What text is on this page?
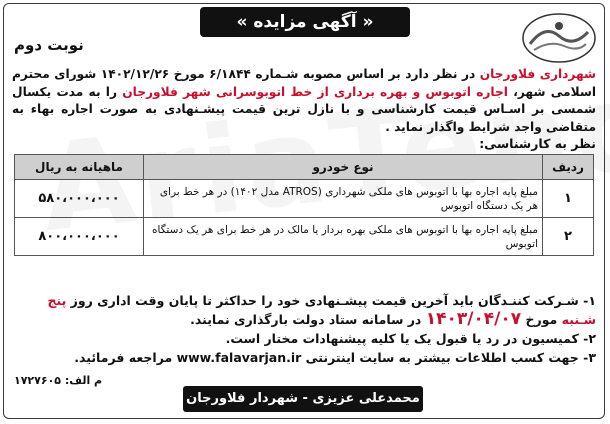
« آگهی مزایده »
نوبت دوم
شهرداری فلاورجان در نظر دارد بر اساس مصوبه شـماره ۶/۱۸۴۴ مورخ ۱۴۰۲/۱۲/۲۶ شورای محترم اسلامی شهر، اجاره اتوبوس و بهره برداری از خط اتوبوسرانی شهر فلاورجان را به مدت یکسال شمسی بر اسـاس قیمت کارشناسی و با نازل ترین قیمت پیشـنهادی به صورت اجاره بهاء به متقاضی واجد شرایط واگذار نماید .
نظر به کارشناسی:
ردیف	نوع خودرو	ماهیانه به ریال
۱	مبلغ پایه اجاره بها با اتوبوس های ملکی شهرداری (ATROS مدل ۱۴۰۲) در هر خط برای هر یک دستگاه اتوبوس	۵۸۰،۰۰۰،۰۰۰
۲	مبلغ پایه اجاره بها با اتوبوس های ملکی بهره بردار یا مالک در هر خط برای هر یک دستگاه اتوبوس	۸۰۰،۰۰۰،۰۰۰

۱- شـرکت کننـدگان باید آخرین قیمت پیشـنهادی خود را حداکثر تا پایان وقت اداری روز پنج شـنبه مورخ ۱۴۰۳/۰۴/۰۷ در سامانه ستاد دولت بارگذاری نمایند.

۲- کمیسیون در رد یا قبول یک یا کلیه پیشنهادات مختار است.

۳- جهت کسب اطلاعات بیشتر به سایت اینترنتی www.falavarjan.ir مراجعه فرمائید.

م الف: ۱۷۲۷۶۰۵
محمدعلی عزیزی - شهردار فلاورجان
